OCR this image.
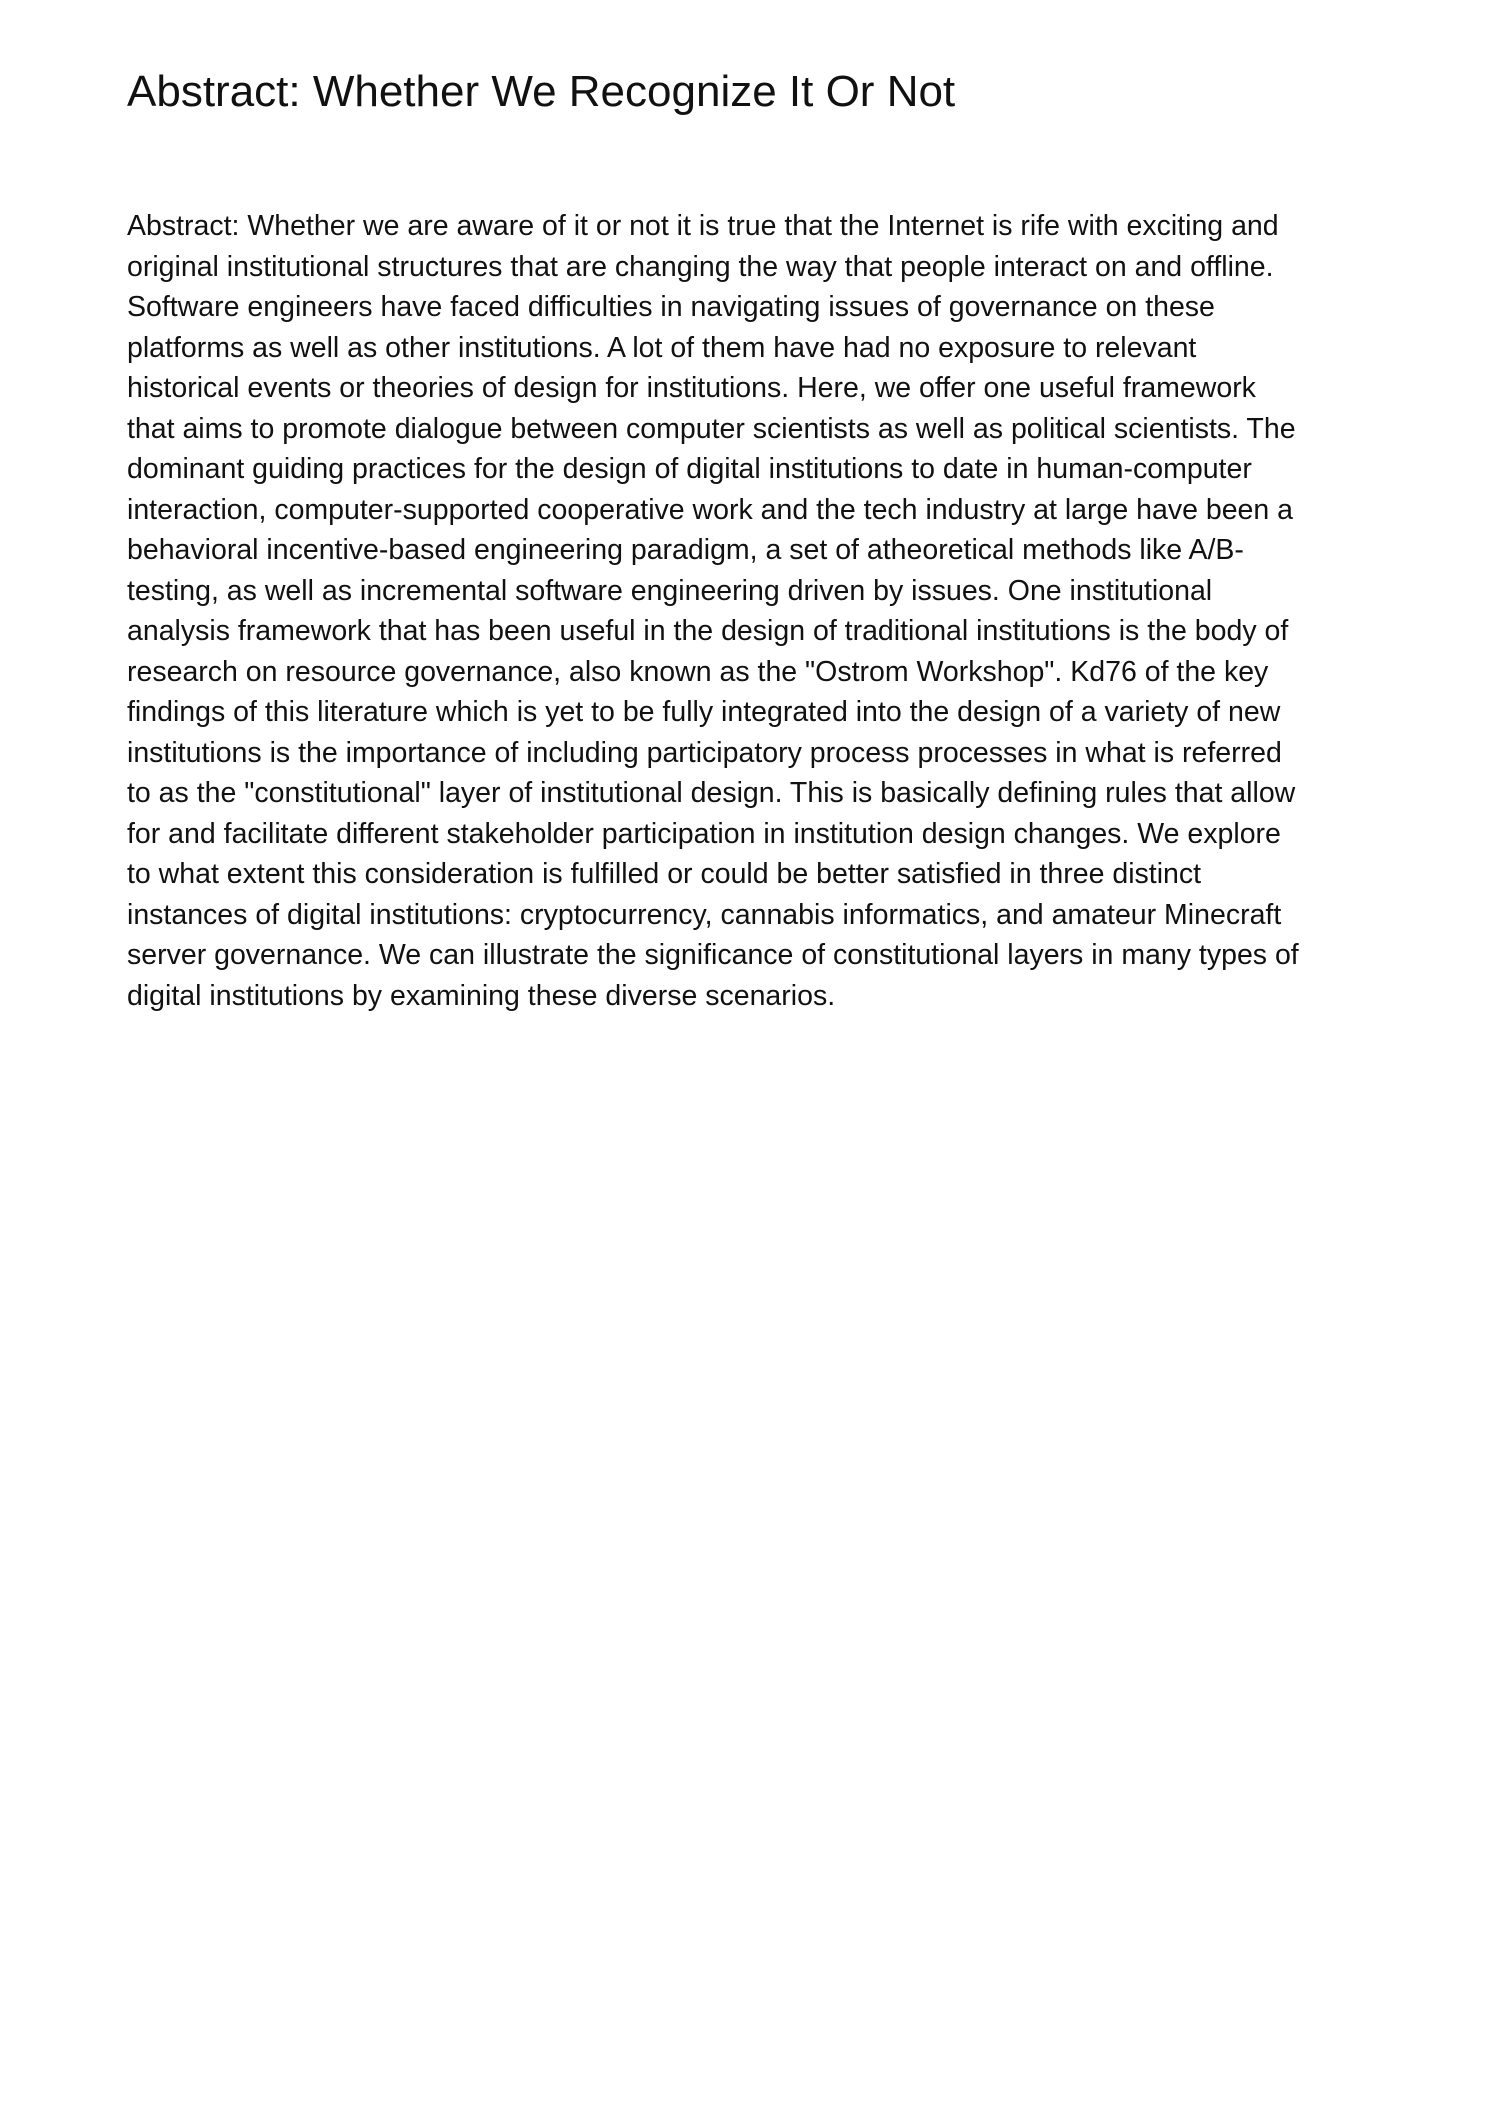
Abstract: Whether We Recognize It Or Not
Abstract: Whether we are aware of it or not it is true that the Internet is rife with exciting and
original institutional structures that are changing the way that people interact on and offline.
Software engineers have faced difficulties in navigating issues of governance on these
platforms as well as other institutions. A lot of them have had no exposure to relevant
historical events or theories of design for institutions. Here, we offer one useful framework
that aims to promote dialogue between computer scientists as well as political scientists. The
dominant guiding practices for the design of digital institutions to date in human-computer
interaction, computer-supported cooperative work and the tech industry at large have been a
behavioral incentive-based engineering paradigm, a set of atheoretical methods like A/B-
testing, as well as incremental software engineering driven by issues. One institutional
analysis framework that has been useful in the design of traditional institutions is the body of
research on resource governance, also known as the "Ostrom Workshop". Kd76 of the key
findings of this literature which is yet to be fully integrated into the design of a variety of new
institutions is the importance of including participatory process processes in what is referred
to as the "constitutional" layer of institutional design. This is basically defining rules that allow
for and facilitate different stakeholder participation in institution design changes. We explore
to what extent this consideration is fulfilled or could be better satisfied in three distinct
instances of digital institutions: cryptocurrency, cannabis informatics, and amateur Minecraft
server governance. We can illustrate the significance of constitutional layers in many types of
digital institutions by examining these diverse scenarios.
